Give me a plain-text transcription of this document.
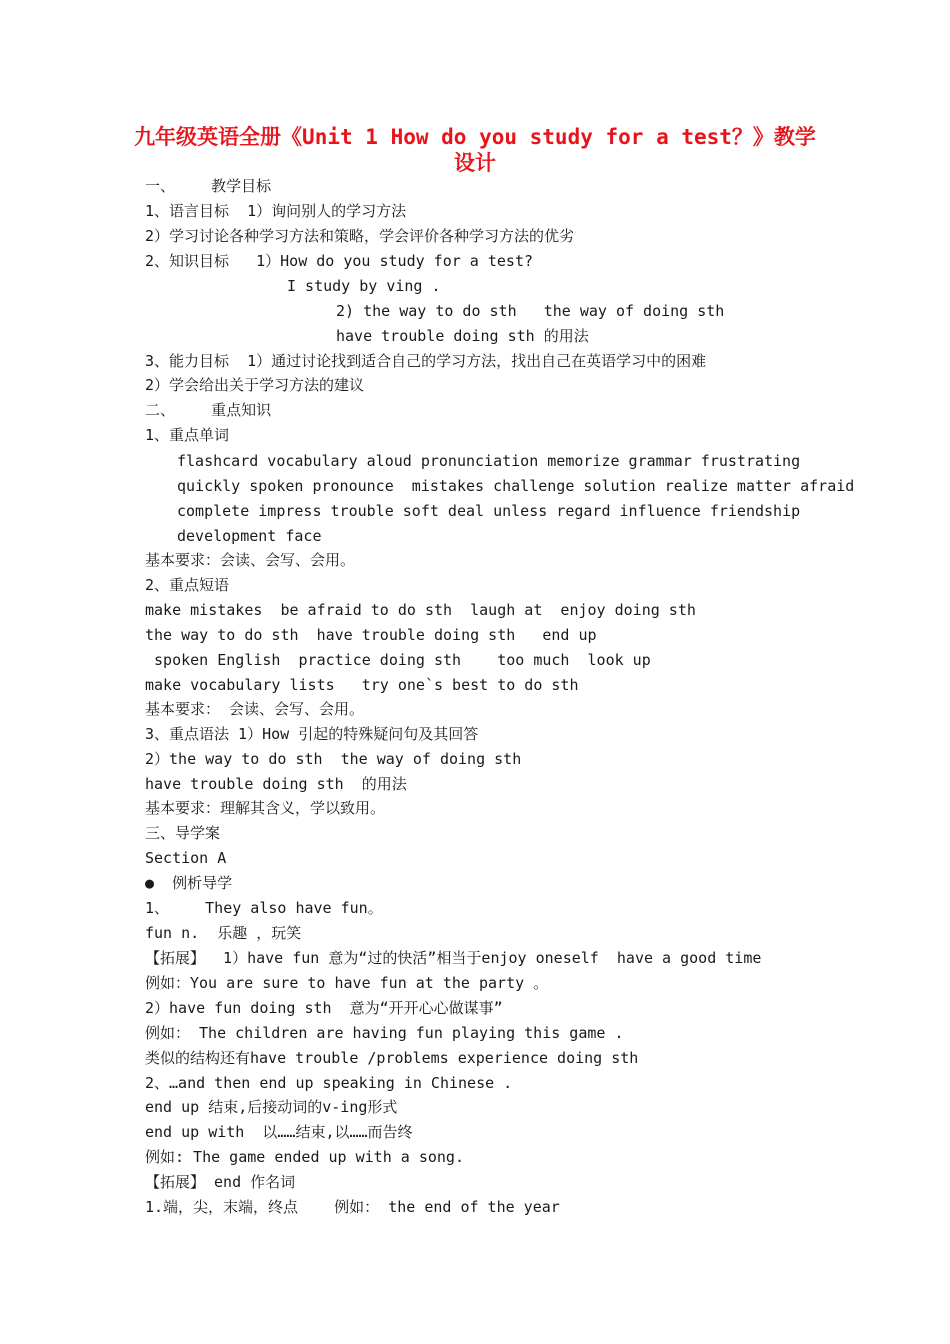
九年级英语全册《Unit 1 How do you study for a test？》教学
设计
一、    教学目标
1、语言目标  1）询问别人的学习方法
2）学习讨论各种学习方法和策略，学会评价各种学习方法的优劣
2、知识目标   1）How do you study for a test?
I study by ving .
2) the way to do sth   the way of doing sth
have trouble doing sth 的用法
3、能力目标  1）通过讨论找到适合自己的学习方法，找出自己在英语学习中的困难
2）学会给出关于学习方法的建议
二、    重点知识
1、重点单词
flashcard vocabulary aloud pronunciation memorize grammar frustrating
quickly spoken pronounce  mistakes challenge solution realize matter afraid
complete impress trouble soft deal unless regard influence friendship
development face
基本要求：会读、会写、会用。
2、重点短语
make mistakes  be afraid to do sth  laugh at  enjoy doing sth
the way to do sth  have trouble doing sth   end up
spoken English  practice doing sth    too much  look up
make vocabulary lists   try one`s best to do sth
基本要求： 会读、会写、会用。
3、重点语法 1）How 引起的特殊疑问句及其回答
2）the way to do sth  the way of doing sth
have trouble doing sth  的用法
基本要求：理解其含义，学以致用。
三、导学案
Section A
●  例析导学
1、    They also have fun。
fun n.  乐趣 ，玩笑
【拓展】  1）have fun 意为“过的快活”相当于enjoy oneself  have a good time
例如：You are sure to have fun at the party 。
2）have fun doing sth  意为“开开心心做谋事”
例如： The children are having fun playing this game .
类似的结构还有have trouble /problems experience doing sth
2、…and then end up speaking in Chinese .
end up 结束,后接动词的v-ing形式
end up with  以……结束,以……而告终
例如: The game ended up with a song.
【拓展】 end 作名词
1.端，尖，末端，终点    例如： the end of the year
